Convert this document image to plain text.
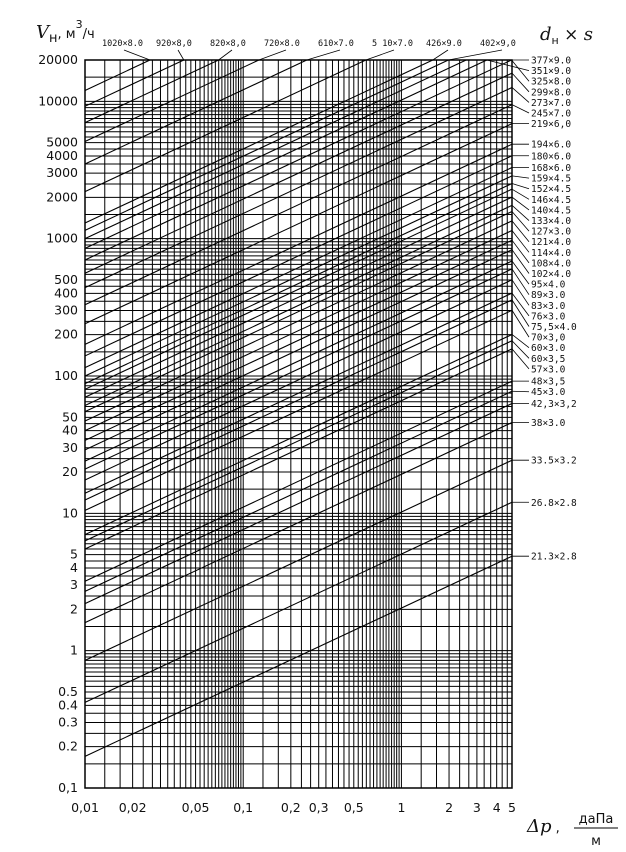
20000
10000
5000
4000
3000
2000
1000
500
400
300
200
100
50
40
30
20
10
5
4
3
2
1
0.5
0.4
0.3
0.2
0,1
0,01 0,02	0,05 0,1 0,2 0,3 0,5	1	2 3 4 5
1020×8.0 920×8,0 820×8,0 720×8.0 610×7.0 5 10×7.0 426×9.0 402×9,0
377×9.0
351×9.0
325×8.0
299×8.0
273×7.0
245×7.0
219×6,0
194×6.0
180×6.0
168×6.0
159×4.5
152×4.5
146×4.5
140×4.5
133×4.0
127×3.0
121×4.0
114×4.0
108×4.0
102×4.0
95×4.0
89×3.0
83×3.0
76×3.0
75,5×4.0
70×3,0
60×3.0
60×3,5
57×3.0
48×3,5
45×3.0
42,3×3,2
38×3.0
33.5×3.2
26.8×2.8
21.3×2.8
$V_н^{, м3}_{/ч}$	$d_н \times s$
Δp ,
даПа
м
